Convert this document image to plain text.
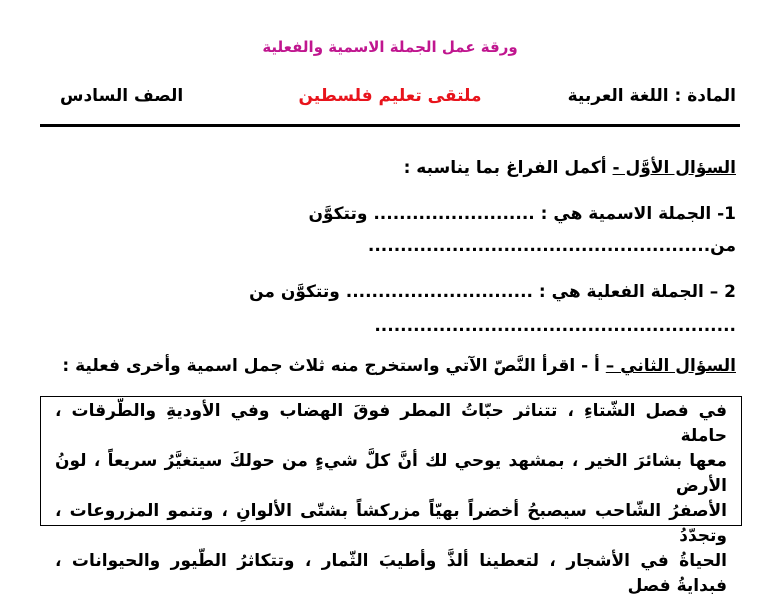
ورقة عمل الجملة الاسمية والفعلية
المادة : اللغة العربية
ملتقى تعليم فلسطين
الصف السادس
السؤال الأوَّل - أكمل الفراغ بما يناسبه :
1- الجملة الاسمية هي : ......................... وتتكوَّن
من.....................................................
2 – الجملة الفعلية هي : ............................. وتتكوَّن من
........................................................
السؤال الثاني – أ - اقرأ النَّصّ الآتي واستخرج منه ثلاث جمل اسمية وأخرى فعلية :

في فصل الشّتاءِ ، تتناثر حبّاتُ المطر فوقَ الهضاب وفي الأوديةِ والطّرقات ، حاملة

معها بشائرَ الخير ، بمشهد يوحي لك أنَّ كلَّ شيءٍ من حولكَ سيتغيَّرُ سريعاً ، لونُ الأرض

الأصفرُ الشّاحب سيصبحُ أخضراً بهيّاً مزركشاً بشتّى الألوانِ ، وتنمو المزروعات ، وتجدّدُ

الحياةُ في الأشجار ، لتعطينا ألذَّ وأطيبَ الثّمار ، وتتكاثرُ الطّيور والحيوانات ، فبدايةُ فصل
